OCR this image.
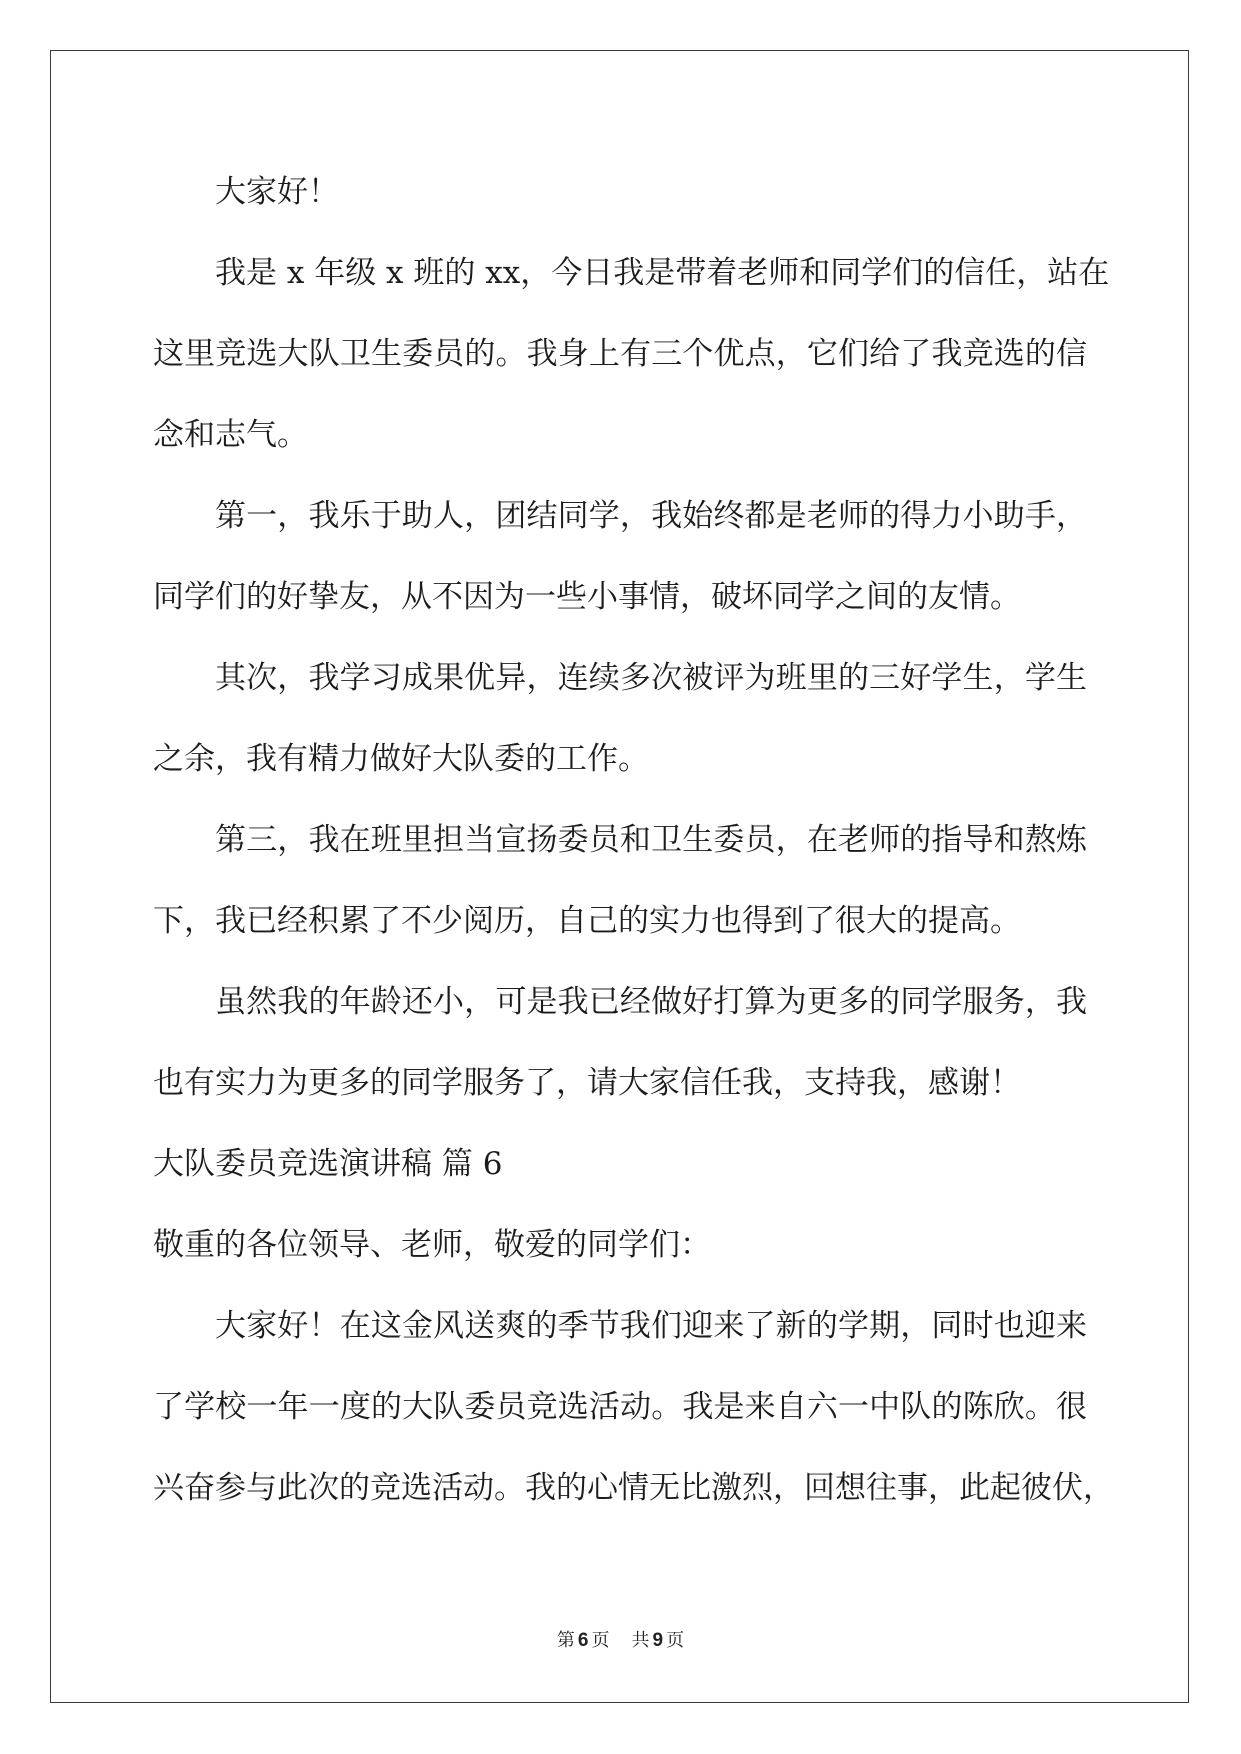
大家好！
我是 x 年级 x 班的 xx，今日我是带着老师和同学们的信任，站在
这里竞选大队卫生委员的。我身上有三个优点，它们给了我竞选的信
念和志气。
第一，我乐于助人，团结同学，我始终都是老师的得力小助手，
同学们的好挚友，从不因为一些小事情，破坏同学之间的友情。
其次，我学习成果优异，连续多次被评为班里的三好学生，学生
之余，我有精力做好大队委的工作。
第三，我在班里担当宣扬委员和卫生委员，在老师的指导和熬炼
下，我已经积累了不少阅历，自己的实力也得到了很大的提高。
虽然我的年龄还小，可是我已经做好打算为更多的同学服务，我
也有实力为更多的同学服务了，请大家信任我，支持我，感谢！
大队委员竞选演讲稿 篇 6
敬重的各位领导、老师，敬爱的同学们：
大家好！在这金风送爽的季节我们迎来了新的学期，同时也迎来
了学校一年一度的大队委员竞选活动。我是来自六一中队的陈欣。很
兴奋参与此次的竞选活动。我的心情无比激烈，回想往事，此起彼伏，
第 6 页 共 9 页
